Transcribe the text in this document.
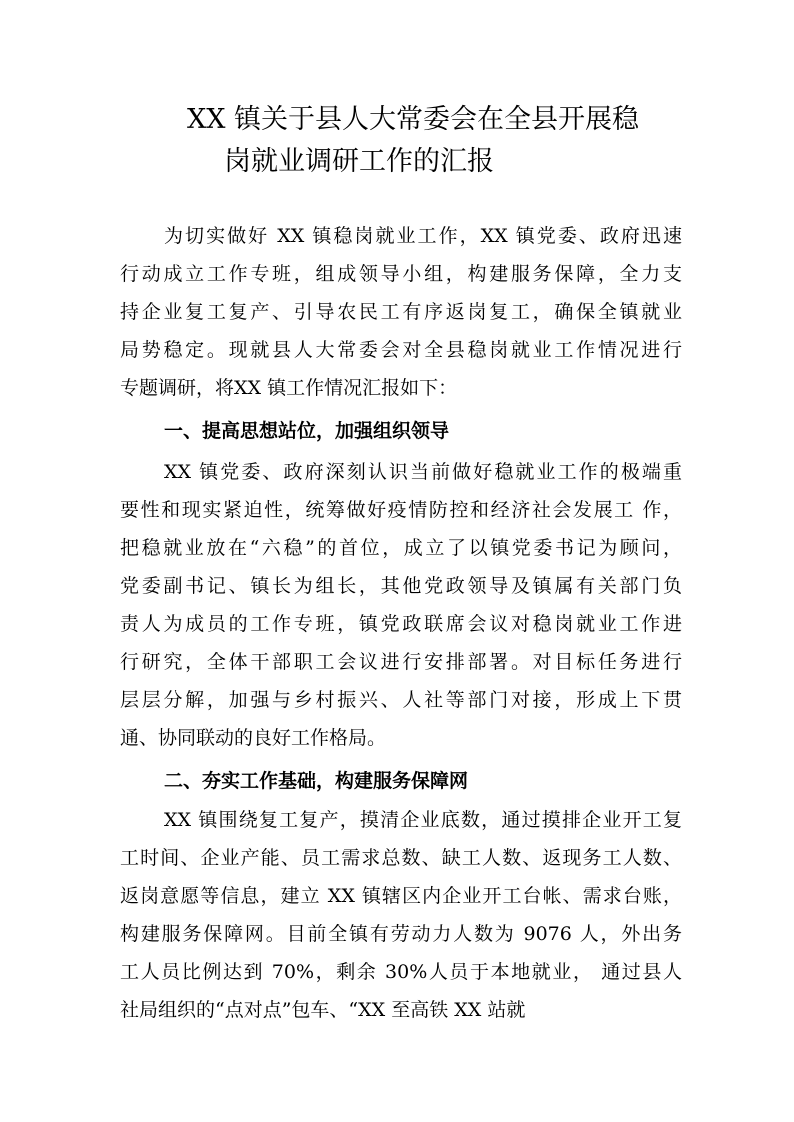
XX 镇关于县人大常委会在全县开展稳
岗就业调研工作的汇报
为切实做好 XX 镇稳岗就业工作，XX 镇党委、政府迅速
行动成立工作专班，组成领导小组，构建服务保障，全力支
持企业复工复产、引导农民工有序返岗复工，确保全镇就业
局势稳定。现就县人大常委会对全县稳岗就业工作情况进行
专题调研，将XX 镇工作情况汇报如下：
一、提高思想站位，加强组织领导
XX 镇党委、政府深刻认识当前做好稳就业工作的极端重
要性和现实紧迫性，统筹做好疫情防控和经济社会发展工 作，
把稳就业放在“六稳”的首位，成立了以镇党委书记为顾问，
党委副书记、镇长为组长，其他党政领导及镇属有关部门负
责人为成员的工作专班，镇党政联席会议对稳岗就业工作进
行研究，全体干部职工会议进行安排部署。对目标任务进行
层层分解，加强与乡村振兴、人社等部门对接，形成上下贯
通、协同联动的良好工作格局。
二、夯实工作基础，构建服务保障网
XX 镇围绕复工复产，摸清企业底数，通过摸排企业开工复
工时间、企业产能、员工需求总数、缺工人数、返现务工人数、
返岗意愿等信息，建立 XX 镇辖区内企业开工台帐、需求台账，
构建服务保障网。目前全镇有劳动力人数为 9076 人，外出务
工人员比例达到 70%，剩余 30%人员于本地就业， 通过县人
社局组织的“点对点”包车、“XX 至高铁 XX 站就
